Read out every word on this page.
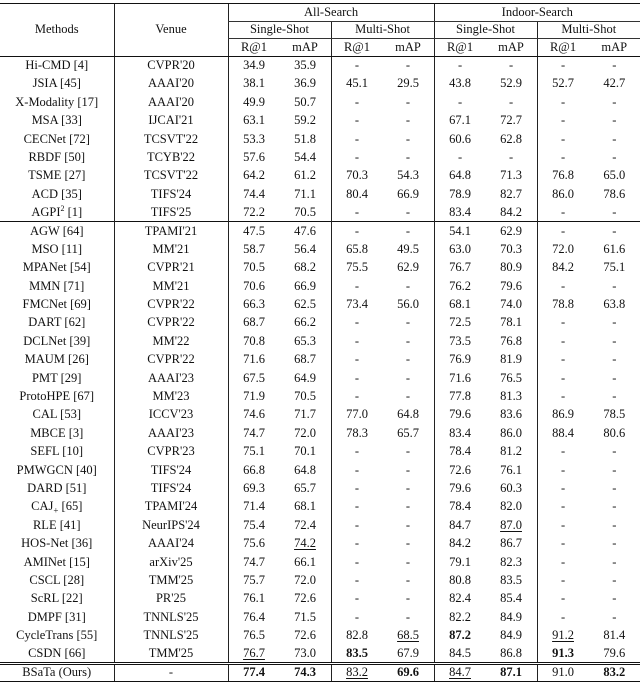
Methods	Venue	All-Search				Indoor-Search			
		Single-Shot		Multi-Shot		Single-Shot		Multi-Shot	
		R@1	mAP	R@1	mAP	R@1	mAP	R@1	mAP
Hi-CMD [4]	CVPR'20	34.9	35.9	-	-	-	-	-	-
JSIA [45]	AAAI'20	38.1	36.9	45.1	29.5	43.8	52.9	52.7	42.7
X-Modality [17]	AAAI'20	49.9	50.7	-	-	-	-	-	-
MSA [33]	IJCAI'21	63.1	59.2	-	-	67.1	72.7	-	-
CECNet [72]	TCSVT'22	53.3	51.8	-	-	60.6	62.8	-	-
RBDF [50]	TCYB'22	57.6	54.4	-	-	-	-	-	-
TSME [27]	TCSVT'22	64.2	61.2	70.3	54.3	64.8	71.3	76.8	65.0
ACD [35]	TIFS'24	74.4	71.1	80.4	66.9	78.9	82.7	86.0	78.6
AGPI$^2$ [1]	TIFS'25	72.2	70.5	-	-	83.4	84.2	-	-
AGW [64]	TPAMI'21	47.5	47.6	-	-	54.1	62.9	-	-
MSO [11]	MM'21	58.7	56.4	65.8	49.5	63.0	70.3	72.0	61.6
MPANet [54]	CVPR'21	70.5	68.2	75.5	62.9	76.7	80.9	84.2	75.1
MMN [71]	MM'21	70.6	66.9	-	-	76.2	79.6	-	-
FMCNet [69]	CVPR'22	66.3	62.5	73.4	56.0	68.1	74.0	78.8	63.8
DART [62]	CVPR'22	68.7	66.2	-	-	72.5	78.1	-	-
DCLNet [39]	MM'22	70.8	65.3	-	-	73.5	76.8	-	-
MAUM [26]	CVPR'22	71.6	68.7	-	-	76.9	81.9	-	-
PMT [29]	AAAI'23	67.5	64.9	-	-	71.6	76.5	-	-
ProtoHPE [67]	MM'23	71.9	70.5	-	-	77.8	81.3	-	-
CAL [53]	ICCV'23	74.6	71.7	77.0	64.8	79.6	83.6	86.9	78.5
MBCE [3]	AAAI'23	74.7	72.0	78.3	65.7	83.4	86.0	88.4	80.6
SEFL [10]	CVPR'23	75.1	70.1	-	-	78.4	81.2	-	-
PMWGCN [40]	TIFS'24	66.8	64.8	-	-	72.6	76.1	-	-
DARD [51]	TIFS'24	69.3	65.7	-	-	79.6	60.3	-	-
$CAJ_+$ [65]	TPAMI'24	71.4	68.1	-	-	78.4	82.0	-	-
RLE [41]	NeurIPS'24	75.4	72.4	-	-	84.7	87.0	-	-
HOS-Net [36]	AAAI'24	75.6	74.2	-	-	84.2	86.7	-	-
AMINet [15]	arXiv'25	74.7	66.1	-	-	79.1	82.3	-	-
CSCL [28]	TMM'25	75.7	72.0	-	-	80.8	83.5	-	-
ScRL [22]	PR'25	76.1	72.6	-	-	82.4	85.4	-	-
DMPF [31]	TNNLS'25	76.4	71.5	-	-	82.2	84.9	-	-
CycleTrans [55]	TNNLS'25	76.5	72.6	82.8	68.5	87.2	84.9	91.2	81.4
CSDN [66]	TMM'25	76.7	73.0	83.5	67.9	84.5	86.8	91.3	79.6
BSaTa (Ours)	-	77.4	74.3	83.2	69.6	84.7	87.1	91.0	83.2
